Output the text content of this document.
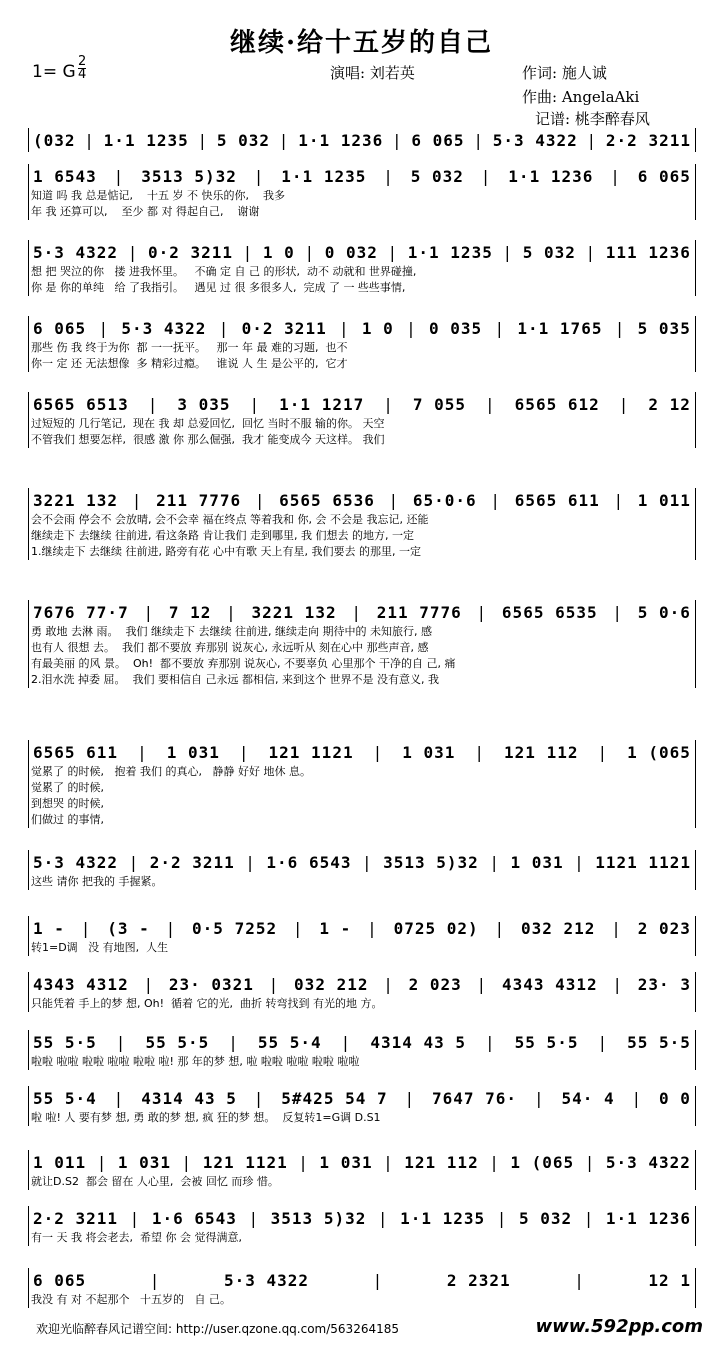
继续·给十五岁的自己
1= G
2
4	演唱: 刘若英	作词: 施人诚
作曲: AngelaAki
记谱: 桃李醉春风
(032 | 1·1 1235 | 5 032 | 1·1 1236 | 6 065 | 5·3 4322 | 2·2 3211
1 6543 | 3513 5)32 | 1·1 1235 | 5 032 | 1·1 1236 | 6 065
知道 吗 我 总是惦记,    十五 岁 不 快乐的你,    我多
年 我 还算可以,    至少 都 对 得起自己,    谢谢
5·3 4322 | 0·2 3211 | 1 0 | 0 032 | 1·1 1235 | 5 032 | 111 1236
想 把 哭泣的你   搂 进我怀里。   不确 定 自 己 的形状,  动不 动就和 世界碰撞,
你 是 你的单纯   给 了我指引。   遇见 过 很 多很多人,  完成 了 一 些些事情,
6 065 | 5·3 4322 | 0·2 3211 | 1 0 | 0 035 | 1·1 1765 | 5 035
那些 伤 我 终于为你  都 一一抚平。   那一 年 最 难的习题,  也不
你一 定 还 无法想像  多 精彩过瘾。   谁说 人 生 是公平的,  它才
6565 6513 | 3 035 | 1·1 1217 | 7 055 | 6565 612 | 2 12
过短短的 几行笔记,  现在 我 却 总爱回忆,  回忆 当时不服 输的你。 天空
不管我们 想要怎样,  很感 激 你 那么倔强,  我才 能变成今 天这样。 我们
3221 132 | 211 7776 | 6565 6536 | 65·0·6 | 6565 611 | 1 011
会不会雨 停会不 会放晴, 会不会幸 福在终点 等着我和 你, 会 不会是 我忘记, 还能
继续走下 去继续 往前进, 看这条路 肯让我们 走到哪里, 我 们想去 的地方, 一定
1.继续走下 去继续 往前进, 路旁有花 心中有歌 天上有星, 我们要去 的那里, 一定
7676 77·7 | 7 12 | 3221 132 | 211 7776 | 6565 6535 | 5 0·6
勇 敢地 去淋 雨。  我们 继续走下 去继续 往前进, 继续走向 期待中的 未知旅行, 感
也有人 很想 去。  我们 都不要放 弃那别 说灰心, 永远听从 刻在心中 那些声音, 感
有最美丽 的风 景。  Oh!  都不要放 弃那别 说灰心, 不要辜负 心里那个 干净的自 己, 痛
2.泪水洗 掉委 屈。  我们 要相信自 己永远 都相信, 来到这个 世界不是 没有意义, 我
6565 611 | 1 031 | 121 1121 | 1 031 | 121 112 | 1 (065
觉累了 的时候,   抱着 我们 的真心,   静静 好好 地休 息。
觉累了 的时候,
到想哭 的时候,
们做过 的事情,
5·3 4322 | 2·2 3211 | 1·6 6543 | 3513 5)32 | 1 031 | 1121 1121
这些 请你 把我的 手握紧。
1 - | (3 - | 0·5 7252 | 1 - | 0725 02) | 032 212 | 2 023
转1=D调   没 有地图,  人生
4343 4312 | 23· 0321 | 032 212 | 2 023 | 4343 4312 | 23· 3
只能凭着 手上的梦 想, Oh!  循着 它的光,  曲折 转弯找到 有光的地 方。
55 5·5 | 55 5·5 | 55 5·4 | 4314 43 5 | 55 5·5 | 55 5·5
啦啦 啦啦 啦啦 啦啦 啦啦 啦! 那 年的梦 想, 啦 啦啦 啦啦 啦啦 啦啦
55 5·4 | 4314 43 5 | 5#425 54 7 | 7647 76· | 54· 4 | 0 0
啦 啦! 人 要有梦 想, 勇 敢的梦 想, 疯 狂的梦 想。  反复转1=G调 D.S1
1 011 | 1 031 | 121 1121 | 1 031 | 121 112 | 1 (065 | 5·3 4322
就让D.S2  都会 留在 人心里,  会被 回忆 而珍 惜。
2·2 3211 | 1·6 6543 | 3513 5)32 | 1·1 1235 | 5 032 | 1·1 1236
有一 天 我 将会老去,  希望 你 会 觉得满意,
6 065	|	5·3 4322	|	2 2321	|	12 1
我没 有 对 不起那个   十五岁的   自 己。
欢迎光临醉春风记谱空间: http://user.qzone.qq.com/563264185	www.592pp.com
